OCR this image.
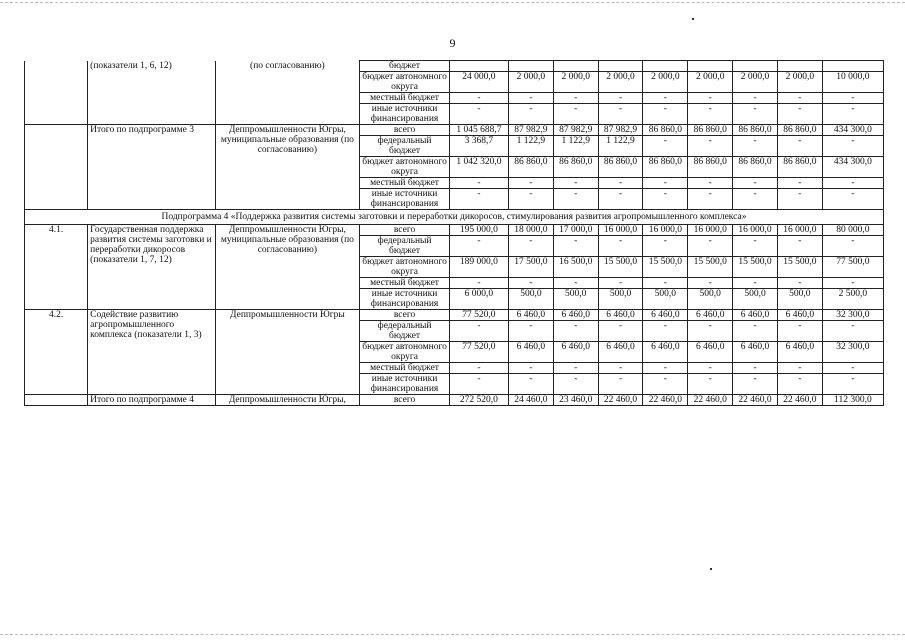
9
	(показатели 1, 6, 12)	(по согласованию)	бюджет									
			бюджет автономного округа	24 000,0	2 000,0	2 000,0	2 000,0	2 000,0	2 000,0	2 000,0	2 000,0	10 000,0
			местный бюджет	-	-	-	-	-	-	-	-	-
			иные источники финансирования	-	-	-	-	-	-	-	-	-
	Итого по подпрограмме 3	Деппромышленности Югры, муниципальные образования (по согласованию)	всего	1 045 688,7	87 982,9	87 982,9	87 982,9	86 860,0	86 860,0	86 860,0	86 860,0	434 300,0
			федеральный бюджет	3 368,7	1 122,9	1 122,9	1 122,9	-	-	-	-	-
			бюджет автономного округа	1 042 320,0	86 860,0	86 860,0	86 860,0	86 860,0	86 860,0	86 860,0	86 860,0	434 300,0
			местный бюджет	-	-	-	-	-	-	-	-	-
			иные источники финансирования	-	-	-	-	-	-	-	-	-
Подпрограмма 4 «Поддержка развития системы заготовки и переработки дикоросов, стимулирования развития агропромышленного комплекса»												
4.1.	Государственная поддержка развития системы заготовки и переработки дикоросов (показатели 1, 7, 12)	Деппромышленности Югры, муниципальные образования (по согласованию)	всего	195 000,0	18 000,0	17 000,0	16 000,0	16 000,0	16 000,0	16 000,0	16 000,0	80 000,0
			федеральный бюджет	-	-	-	-	-	-	-	-	-
			бюджет автономного округа	189 000,0	17 500,0	16 500,0	15 500,0	15 500,0	15 500,0	15 500,0	15 500,0	77 500,0
			местный бюджет	-	-	-	-	-	-	-	-	-
			иные источники финансирования	6 000,0	500,0	500,0	500,0	500,0	500,0	500,0	500,0	2 500,0
4.2.	Содействие развитию агропромышленного комплекса (показатели 1, 3)	Деппромышленности Югры	всего	77 520,0	6 460,0	6 460,0	6 460,0	6 460,0	6 460,0	6 460,0	6 460,0	32 300,0
			федеральный бюджет	-	-	-	-	-	-	-	-	-
			бюджет автономного округа	77 520,0	6 460,0	6 460,0	6 460,0	6 460,0	6 460,0	6 460,0	6 460,0	32 300,0
			местный бюджет	-	-	-	-	-	-	-	-	-
			иные источники финансирования	-	-	-	-	-	-	-	-	-
	Итого по подпрограмме 4	Деппромышленности Югры,	всего	272 520,0	24 460,0	23 460,0	22 460,0	22 460,0	22 460,0	22 460,0	22 460,0	112 300,0
